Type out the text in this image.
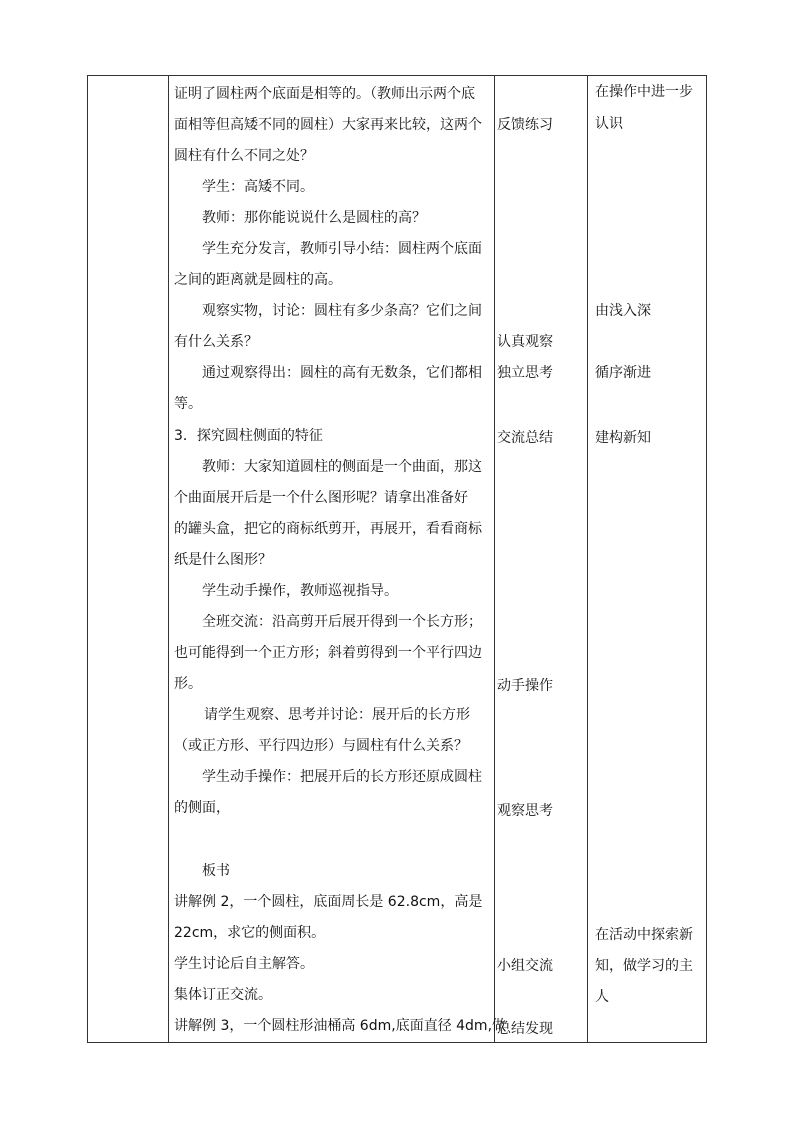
证明了圆柱两个底面是相等的。（教师出示两个底
面相等但高矮不同的圆柱）大家再来比较，这两个
圆柱有什么不同之处？
学生：高矮不同。
教师：那你能说说什么是圆柱的高？
学生充分发言，教师引导小结：圆柱两个底面
之间的距离就是圆柱的高。
观察实物，讨论：圆柱有多少条高？它们之间
有什么关系？
通过观察得出：圆柱的高有无数条，它们都相
等。
3．探究圆柱侧面的特征
教师：大家知道圆柱的侧面是一个曲面，那这
个曲面展开后是一个什么图形呢？请拿出准备好
的罐头盒，把它的商标纸剪开，再展开，看看商标
纸是什么图形？
学生动手操作，教师巡视指导。
全班交流：沿高剪开后展开得到一个长方形；
也可能得到一个正方形；斜着剪得到一个平行四边
形。
请学生观察、思考并讨论：展开后的长方形
（或正方形、平行四边形）与圆柱有什么关系？
学生动手操作：把展开后的长方形还原成圆柱
的侧面，
板书
讲解例 2，一个圆柱，底面周长是 62.8cm，高是
22cm，求它的侧面积。
学生讨论后自主解答。
集体订正交流。
讲解例 3，一个圆柱形油桶高 6dm,底面直径 4dm,做
反馈练习
认真观察
独立思考
交流总结
动手操作
观察思考
小组交流
总结发现
在操作中进一步
认识
由浅入深
循序渐进
建构新知
在活动中探索新
知，做学习的主
人
